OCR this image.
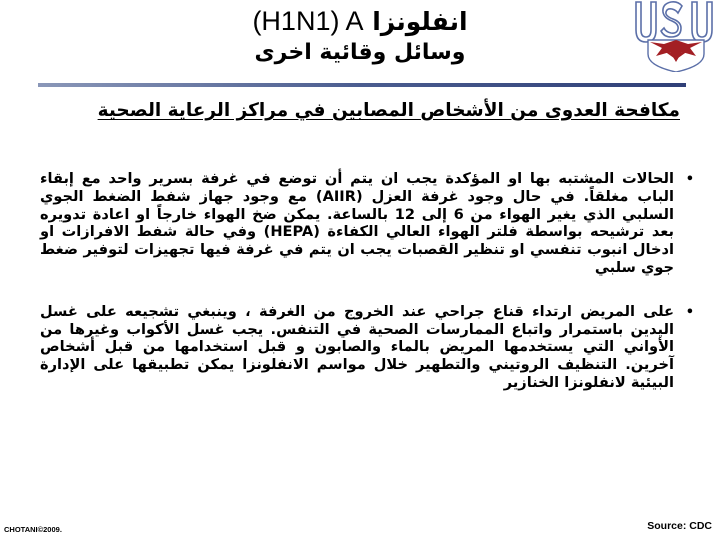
(H1N1) A انفلونزا
وسائل وقائية اخرى
مكافحة العدوى من الأشخاص المصابين في مراكز الرعاية الصحية
•
الحالات المشتبه بها او المؤكدة يجب ان يتم أن توضع في غرفة بسرير واحد مع إبقاء الباب مغلقاً. في حال وجود غرفة العزل (AIIR) مع وجود جهاز شفط الضغط الجوي السلبي الذي يغير الهواء من 6 إلى 12 بالساعة. يمكن ضخ الهواء خارجاً او اعادة تدويره بعد ترشيحه بواسطة فلتر الهواء العالي الكفاءة (HEPA) وفي حالة شفط الافرازات او ادخال انبوب تنفسي او تنظير القصبات يجب ان يتم في غرفة فيها تجهيزات لتوفير ضغط جوي سلبي
•
على المريض ارتداء قناع جراحي عند الخروج من الغرفة ، وينبغي تشجيعه على غسل اليدين باستمرار واتباع الممارسات الصحية في التنفس. يجب غسل الأكواب وغيرها من الأواني التي يستخدمها المريض بالماء والصابون و قبل استخدامها من قبل أشخاص آخرين. التنظيف الروتيني والتطهير خلال مواسم الانفلونزا يمكن تطبيقها على الإدارة البيئية لانفلونزا الخنازير
CHOTANI©2009.	Source: CDC
